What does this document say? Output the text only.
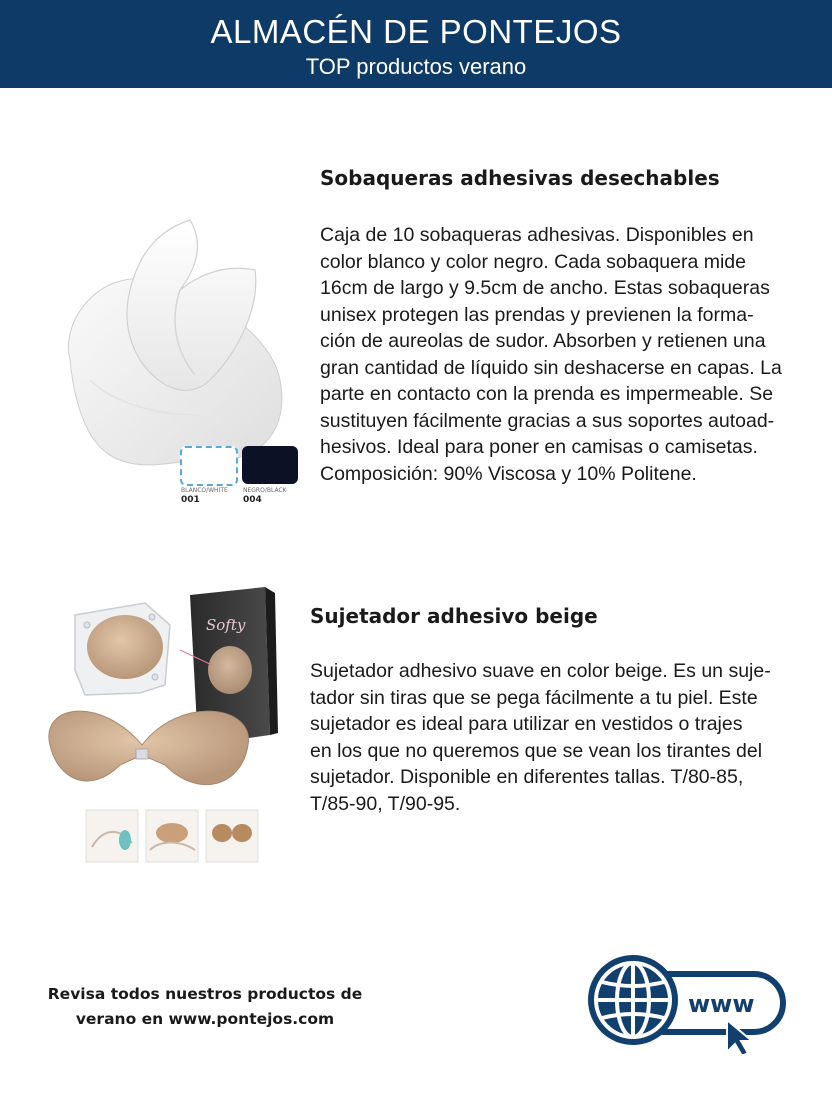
ALMACÉN DE PONTEJOS
TOP productos verano
Sobaqueras adhesivas desechables
Caja de 10 sobaqueras adhesivas. Disponibles en
color blanco y color negro. Cada sobaquera mide
16cm de largo y 9.5cm de ancho. Estas sobaqueras
unisex protegen las prendas y previenen la forma-
ción de aureolas de sudor. Absorben y retienen una
gran cantidad de líquido sin deshacerse en capas. La
parte en contacto con la prenda es impermeable. Se
sustituyen fácilmente gracias a sus soportes autoad-
hesivos. Ideal para poner en camisas o camisetas.
Composición: 90% Viscosa y 10% Politene.
BLANCO/WHITE
001
NEGRO/BLACK
004
Sujetador adhesivo beige
Sujetador adhesivo suave en color beige. Es un suje-
tador sin tiras que se pega fácilmente a tu piel. Este
sujetador es ideal para utilizar en vestidos o trajes
en los que no queremos que se vean los tirantes del
sujetador. Disponible en diferentes tallas. T/80-85,
T/85-90, T/90-95.
Softy
Revisa todos nuestros productos de
verano en www.pontejos.com
www
